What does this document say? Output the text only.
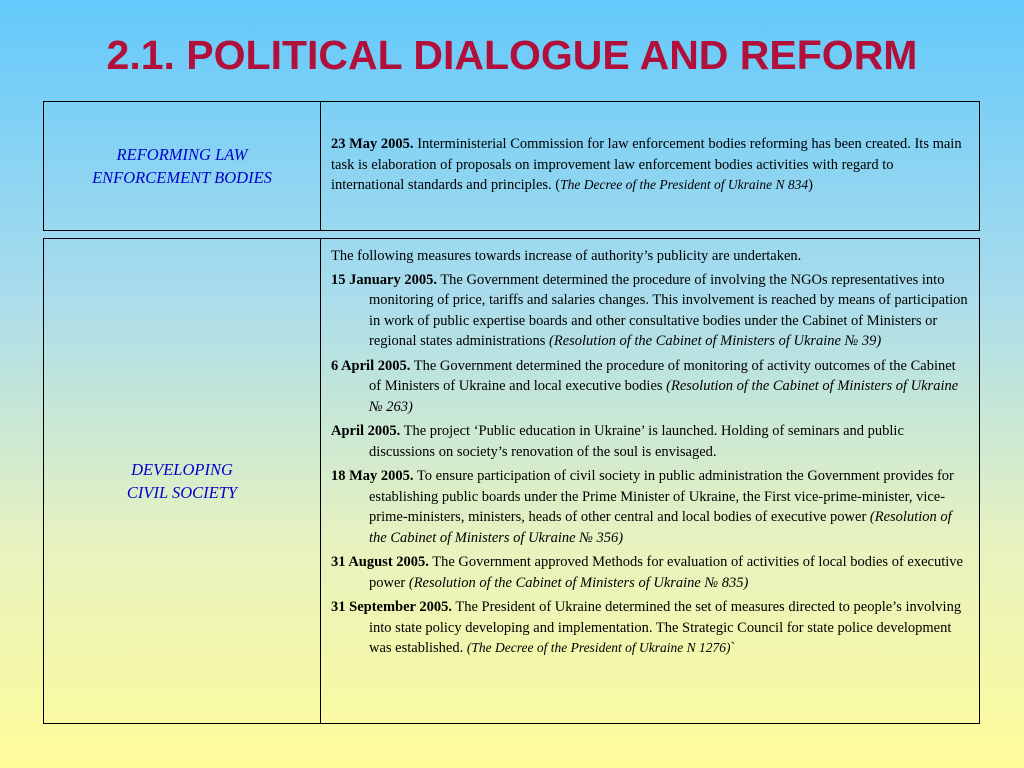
2.1. POLITICAL DIALOGUE AND REFORM
REFORMING LAW
ENFORCEMENT BODIES

23 May 2005. Interministerial Commission for law enforcement bodies reforming has been created. Its main task is elaboration of proposals on improvement law enforcement bodies activities with regard to international standards and principles. (The Decree of the President of Ukraine N 834)

DEVELOPING
CIVIL SOCIETY

The following measures towards increase of authority’s publicity are undertaken.

15 January 2005. The Government determined the procedure of involving the NGOs representatives into monitoring of price, tariffs and salaries changes. This involvement is reached by means of participation in work of public expertise boards and other consultative bodies under the Cabinet of Ministers or regional states administrations (Resolution of the Cabinet of Ministers of Ukraine № 39)

6 April 2005. The Government determined the procedure of monitoring of activity outcomes of the Cabinet of Ministers of Ukraine and local executive bodies (Resolution of the Cabinet of Ministers of Ukraine № 263)

April 2005. The project ‘Public education in Ukraine’ is launched. Holding of seminars and public discussions on society’s renovation of the soul is envisaged.

18 May 2005. To ensure participation of civil society in public administration the Government provides for establishing public boards under the Prime Minister of Ukraine, the First vice-prime-minister, vice-prime-ministers, ministers, heads of other central and local bodies of executive power (Resolution of the Cabinet of Ministers of Ukraine № 356)

31 August 2005. The Government approved Methods for evaluation of activities of local bodies of executive power (Resolution of the Cabinet of Ministers of Ukraine № 835)

31 September 2005. The President of Ukraine determined the set of measures directed to people’s involving into state policy developing and implementation. The Strategic Council for state police development was established. (The Decree of the President of Ukraine N 1276)`
